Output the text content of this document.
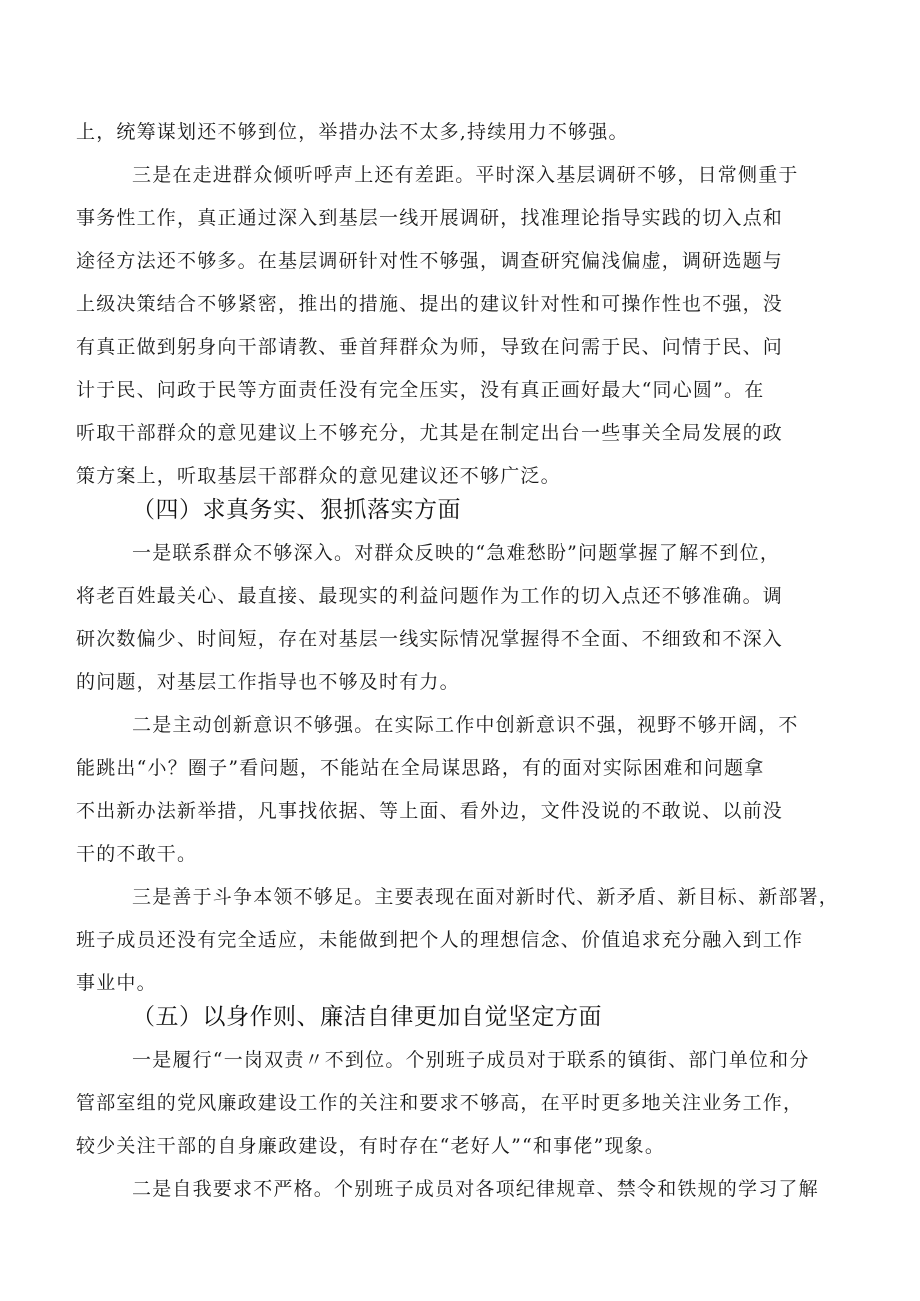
上，统筹谋划还不够到位，举措办法不太多,持续用力不够强。
三是在走进群众倾听呼声上还有差距。平时深入基层调研不够，日常侧重于
事务性工作，真正通过深入到基层一线开展调研，找准理论指导实践的切入点和
途径方法还不够多。在基层调研针对性不够强，调查研究偏浅偏虚，调研选题与
上级决策结合不够紧密，推出的措施、提出的建议针对性和可操作性也不强，没
有真正做到躬身向干部请教、垂首拜群众为师，导致在问需于民、问情于民、问
计于民、问政于民等方面责任没有完全压实，没有真正画好最大“同心圆”。在
听取干部群众的意见建议上不够充分，尤其是在制定出台一些事关全局发展的政
策方案上，听取基层干部群众的意见建议还不够广泛。
（四）求真务实、狠抓落实方面
一是联系群众不够深入。对群众反映的“急难愁盼”问题掌握了解不到位，
将老百姓最关心、最直接、最现实的利益问题作为工作的切入点还不够准确。调
研次数偏少、时间短，存在对基层一线实际情况掌握得不全面、不细致和不深入
的问题，对基层工作指导也不够及时有力。
二是主动创新意识不够强。在实际工作中创新意识不强，视野不够开阔，不
能跳出“小？圈子”看问题，不能站在全局谋思路，有的面对实际困难和问题拿
不出新办法新举措，凡事找依据、等上面、看外边，文件没说的不敢说、以前没
干的不敢干。
三是善于斗争本领不够足。主要表现在面对新时代、新矛盾、新目标、新部署，
班子成员还没有完全适应，未能做到把个人的理想信念、价值追求充分融入到工作
事业中。
（五）以身作则、廉洁自律更加自觉坚定方面
一是履行“一岗双责〃不到位。个别班子成员对于联系的镇街、部门单位和分
管部室组的党风廉政建设工作的关注和要求不够高，在平时更多地关注业务工作，
较少关注干部的自身廉政建设，有时存在“老好人”“和事佬”现象。
二是自我要求不严格。个别班子成员对各项纪律规章、禁令和铁规的学习了解
